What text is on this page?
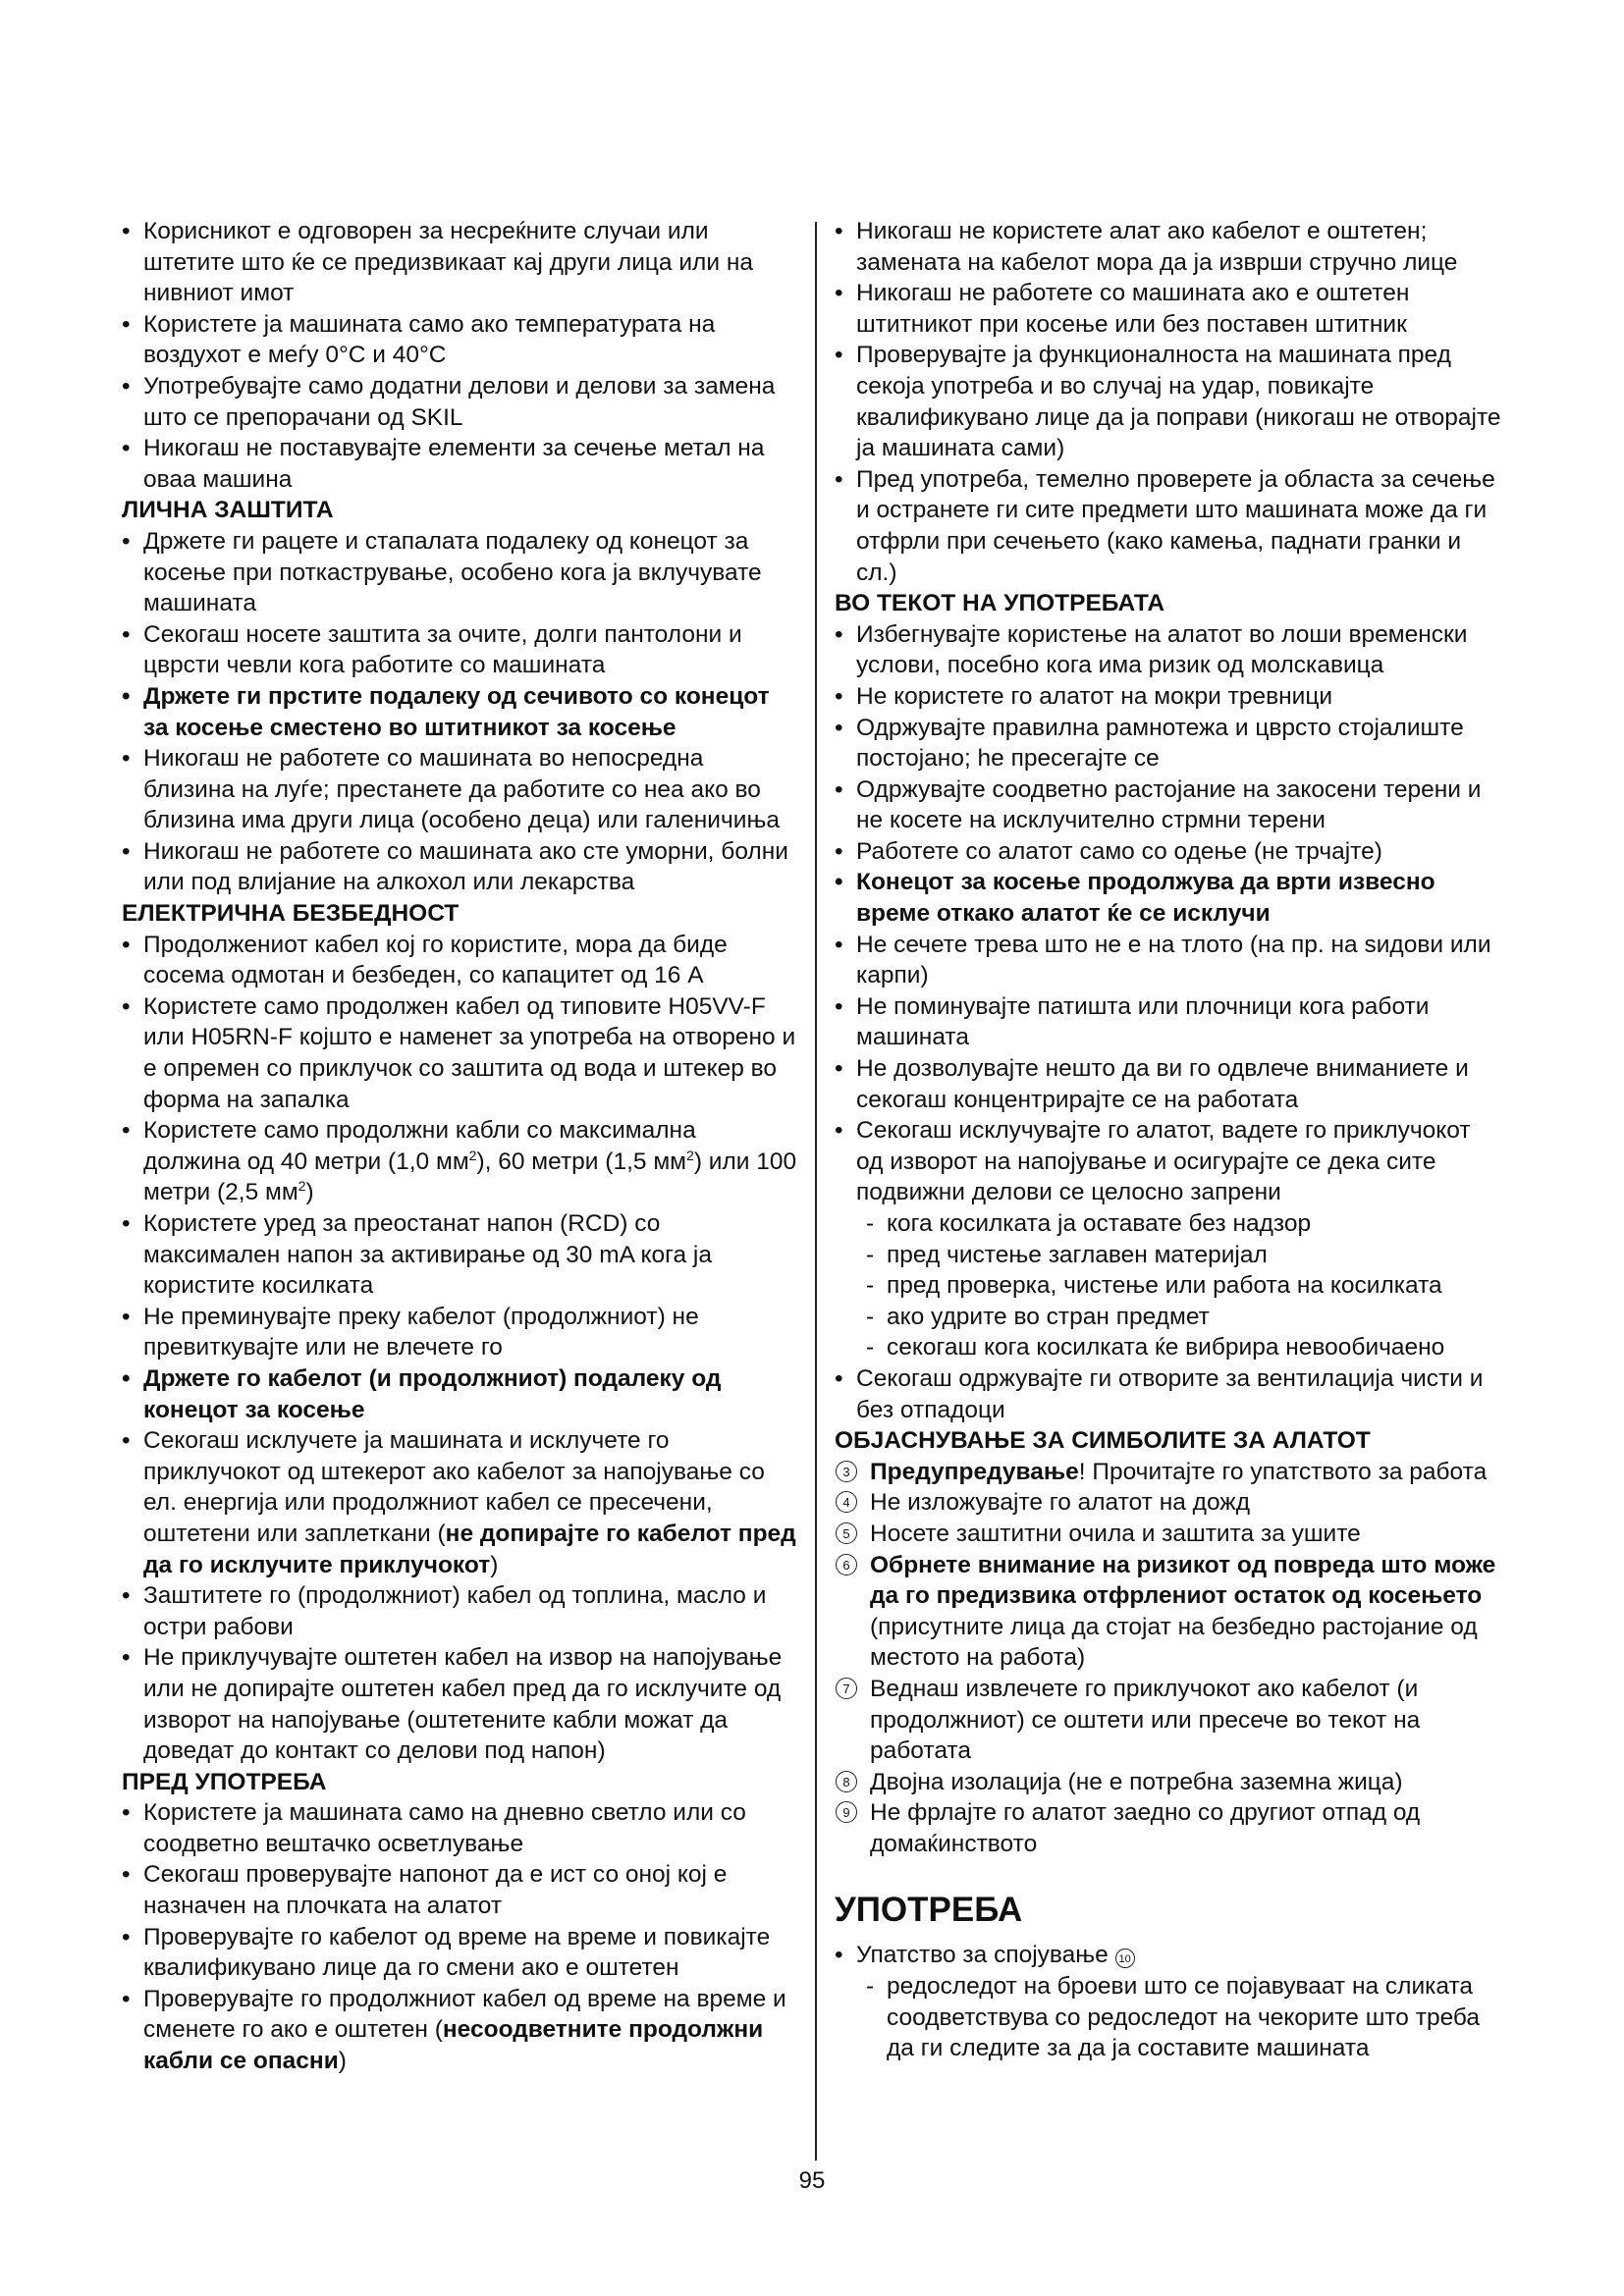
• Корисникот е одговорен за несреќните случаи или штетите што ќе се предизвикаат кај други лица или на нивниот имот
• Користете ја машината само ако температурата на воздухот е меѓу 0°C и 40°C
• Употребувајте само додатни делови и делови за замена што се препорачани од SKIL
• Никогаш не поставувајте елементи за сечење метал на оваа машина
ЛИЧНА ЗАШТИТА
• Држете ги рацете и стапалата подалеку од конецот за косење при поткастрување, особено кога ја вклучувате машината
• Секогаш носете заштита за очите, долги пантолони и цврсти чевли кога работите со машината
• Држете ги прстите подалеку од сечивото со конецот за косење сместено во штитникот за косење
• Никогаш не работете со машината во непосредна близина на луѓе; престанете да работите со неа ако во близина има други лица (особено деца) или галеничиња
• Никогаш не работете со машината ако сте уморни, болни или под влијание на алкохол или лекарства
ЕЛЕКТРИЧНА БЕЗБЕДНОСТ
• Продолжениот кабел кој го користите, мора да биде сосема одмотан и безбеден, со капацитет од 16 A
• Користете само продолжен кабел од типовите H05VV-F или H05RN-F којшто е наменет за употреба на отворено и е опремен со приклучок со заштита од вода и штекер во форма на запалка
• Користете само продолжни кабли со максимална должина од 40 метри (1,0 $мм^2$), 60 метри (1,5 $мм^2$) или 100 метри (2,5 $мм^2$)
• Користете уред за преостанат напон (RCD) со максимален напон за активирање од 30 mA кога ја користите косилката
• Не преминувајте преку кабелот (продолжниот) не превиткувајте или не влечете го
• Држете го кабелот (и продолжниот) подалеку од конецот за косење
• Секогаш исклучете ја машината и исклучете го приклучокот од штекерот ако кабелот за напојување со ел. енергија или продолжниот кабел се пресечени, оштетени или заплеткани (не допирајте го кабелот пред да го исклучите приклучокот)
• Заштитете го (продолжниот) кабел од топлина, масло и остри рабови
• Не приклучувајте оштетен кабел на извор на напојување или не допирајте оштетен кабел пред да го исклучите од изворот на напојување (оштетените кабли можат да доведат до контакт со делови под напон)
ПРЕД УПОТРЕБА
• Користете ја машината само на дневно светло или со соодветно вештачко осветлување
• Секогаш проверувајте напонот да е ист со оној кој е назначен на плочката на алатот
• Проверувајте го кабелот од време на време и повикајте квалификувано лице да го смени ако е оштетен
• Проверувајте го продолжниот кабел од време на време и сменете го ако е оштетен (несоодветните продолжни кабли се опасни)
• Никогаш не користете алат ако кабелот е оштетен; замената на кабелот мора да ја изврши стручно лице
• Никогаш не работете со машината ако е оштетен штитникот при косење или без поставен штитник
• Проверувајте ја функционалноста на машината пред секоја употреба и во случај на удар, повикајте квалификувано лице да ја поправи (никогаш не отворајте ја машината сами)
• Пред употреба, темелно проверете ја областа за сечење и остранете ги сите предмети што машината може да ги отфрли при сечењето (како камења, паднати гранки и сл.)
ВО ТЕКОТ НА УПОТРЕБАТА
• Избегнувајте користење на алатот во лоши временски услови, посебно кога има ризик од молскавица
• Не користете го алатот на мокри тревници
• Одржувајте правилна рамнотежа и цврсто стојалиште постојано; he пресегајте се
• Одржувајте соодветно растојание на закосени терени и не косете на исклучително стрмни терени
• Работете со алатот само со одење (не трчајте)
• Конецот за косење продолжува да врти извесно време откако алатот ќе се исклучи
• Не сечете трева што не е на тлото (на пр. на ѕидови или карпи)
• Не поминувајте патишта или плочници кога работи машината
• Не дозволувајте нешто да ви го одвлече вниманиете и секогаш концентрирајте се на работата
• Секогаш исклучувајте го алатот, вадете го приклучокот од изворот на напојување и осигурајте се дека сите подвижни делови се целосно запрени
- кога косилката ја оставате без надзор
- пред чистење заглавен материјал
- пред проверка, чистење или работа на косилката
- ако удрите во стран предмет
- секогаш кога косилката ќе вибрира невообичаено
• Секогаш одржувајте ги отворите за вентилација чисти и без отпадоци
ОБЈАСНУВАЊЕ ЗА СИМБОЛИТЕ ЗА АЛАТОТ
3 Предупредување! Прочитајте го упатството за работа
4 Не изложувајте го алатот на дожд
5 Носете заштитни очила и заштита за ушите
6 Обрнете внимание на ризикот од повреда што може да го предизвика отфрлениот остаток од косењето (присутните лица да стојат на безбедно растојание од местото на работа)
7 Веднаш извлечете го приклучокот ако кабелот (и продолжниот) се оштети или пресече во текот на работата
8 Двојна изолација (не е потребна заземна жица)
9 Не фрлајте го алатот заедно со другиот отпад од домаќинството
УПОТРЕБА
• Упатство за спојување 10
- редоследот на броеви што се појавуваат на сликата соодветствува со редоследот на чекорите што треба да ги следите за да ја составите машината
95
